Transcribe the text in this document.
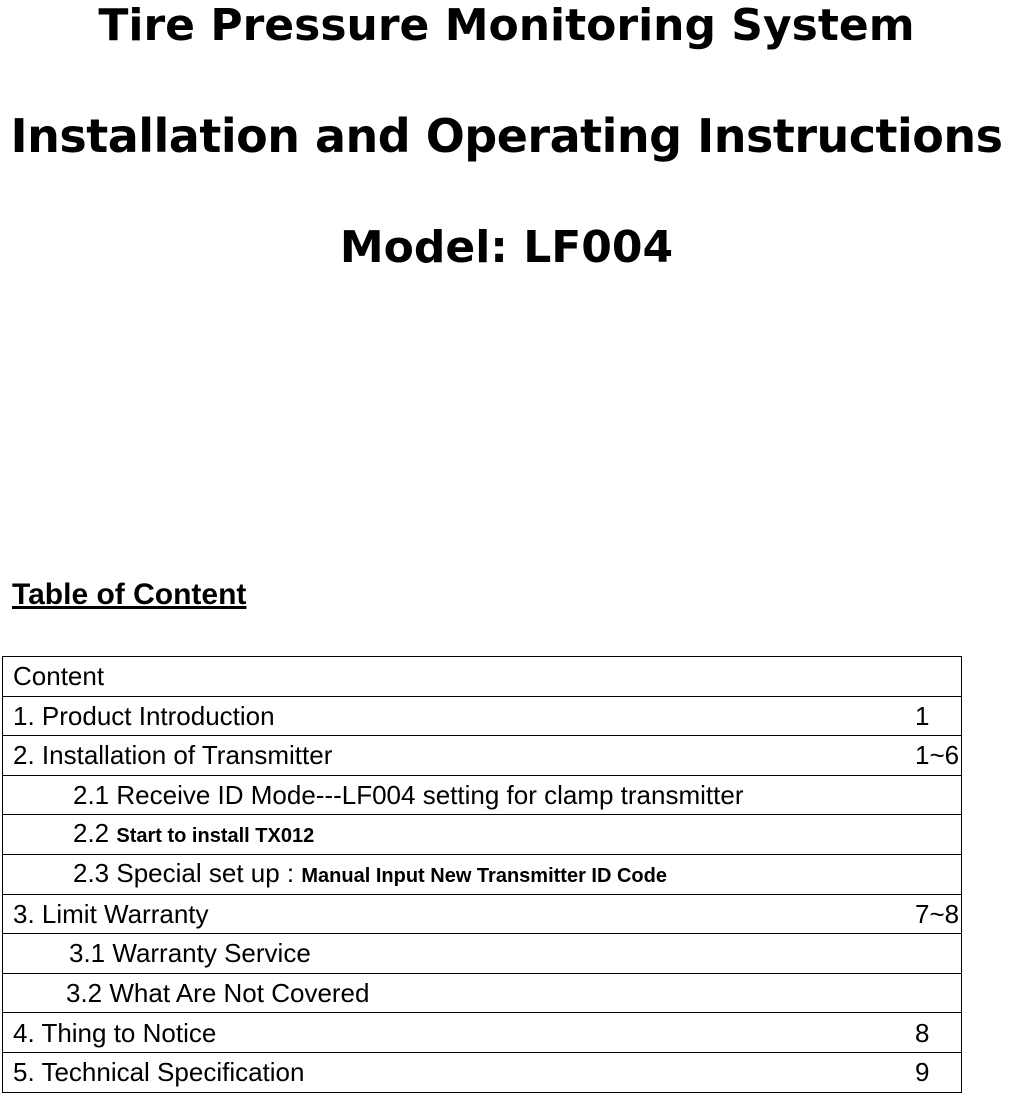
Tire Pressure Monitoring System
Installation and Operating Instructions
Model: LF004
Table of Content
Content	
1. Product Introduction	1
2. Installation of Transmitter	1~6
2.1 Receive ID Mode---LF004 setting for clamp transmitter	
2.2 Start to install TX012	
2.3 Special set up : Manual Input New Transmitter ID Code	
3. Limit Warranty	7~8
3.1 Warranty Service	
3.2 What Are Not Covered	
4. Thing to Notice	8
5. Technical Specification	9
